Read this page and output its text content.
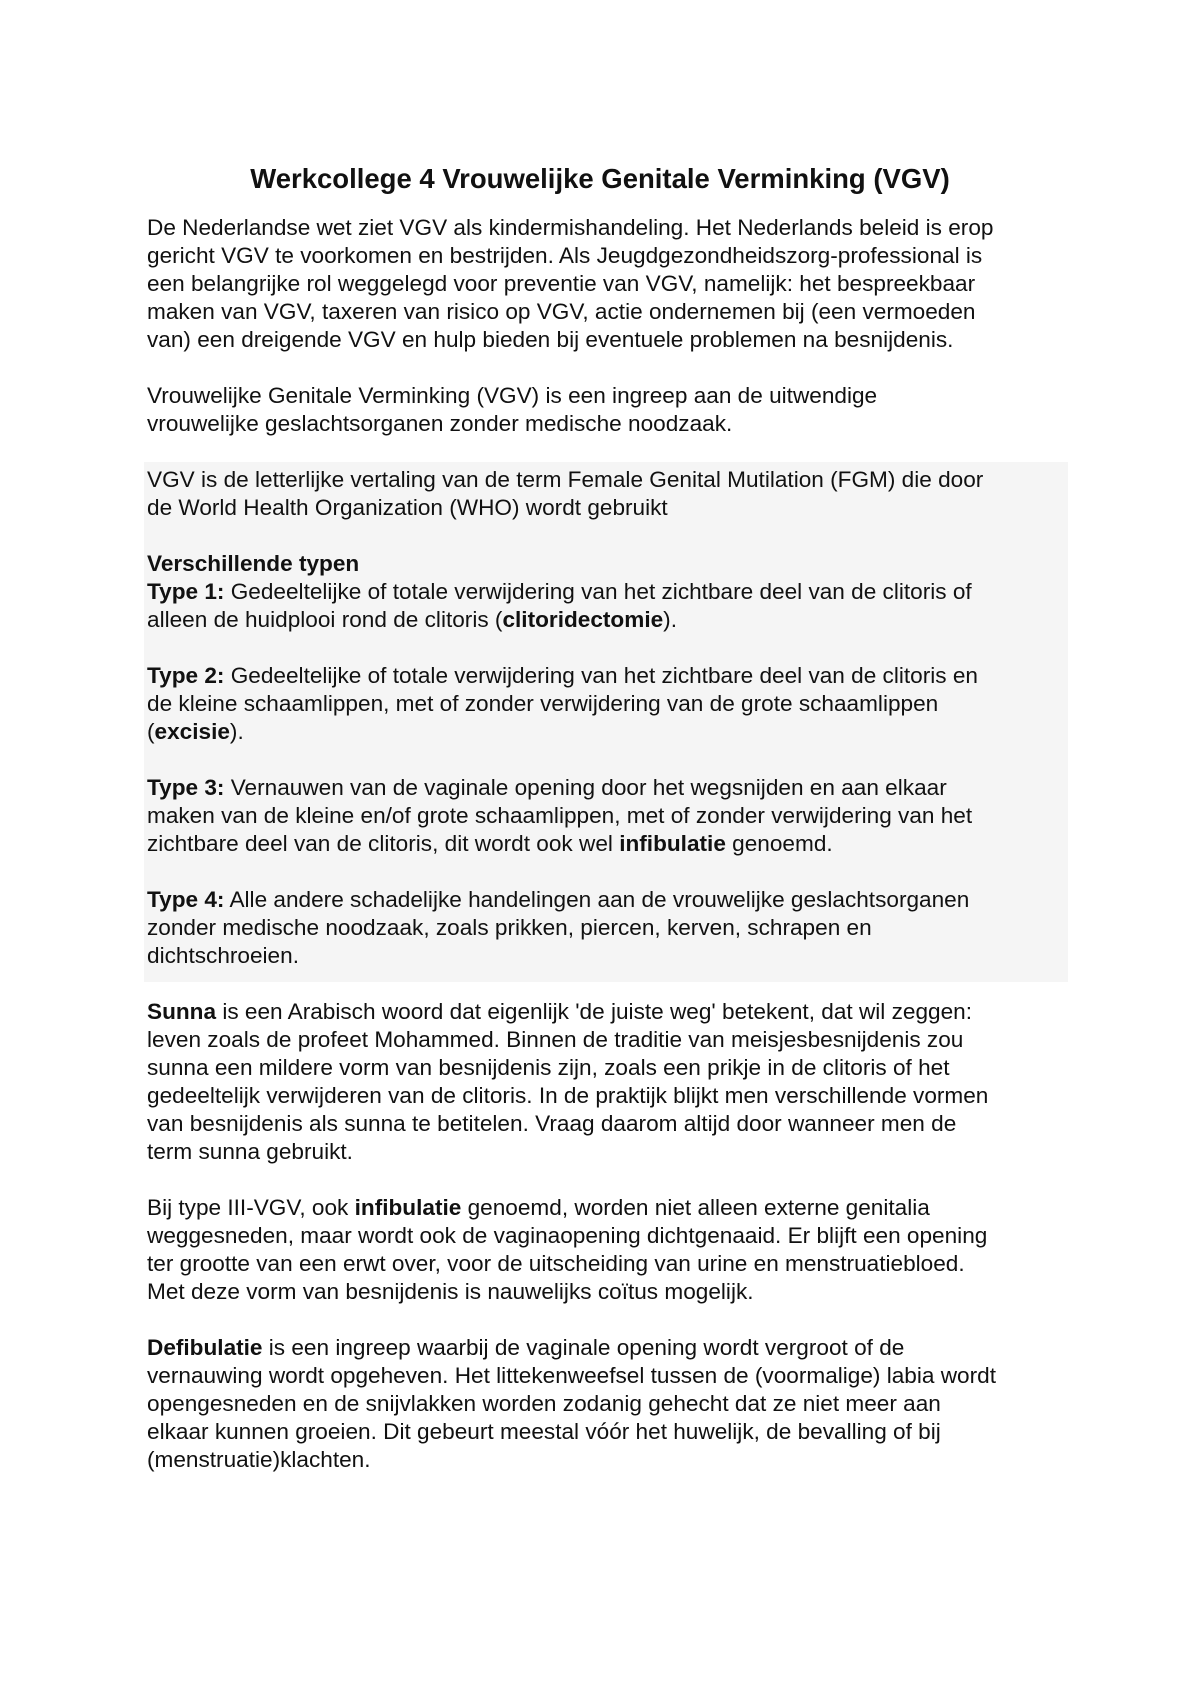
Werkcollege 4 Vrouwelijke Genitale Verminking (VGV)

De Nederlandse wet ziet VGV als kindermishandeling. Het Nederlands beleid is erop
gericht VGV te voorkomen en bestrijden. Als Jeugdgezondheidszorg-professional is
een belangrijke rol weggelegd voor preventie van VGV, namelijk: het bespreekbaar
maken van VGV, taxeren van risico op VGV, actie ondernemen bij (een vermoeden
van) een dreigende VGV en hulp bieden bij eventuele problemen na besnijdenis.

Vrouwelijke Genitale Verminking (VGV) is een ingreep aan de uitwendige
vrouwelijke geslachtsorganen zonder medische noodzaak.

VGV is de letterlijke vertaling van de term Female Genital Mutilation (FGM) die door
de World Health Organization (WHO) wordt gebruikt

Verschillende typen

Type 1: Gedeeltelijke of totale verwijdering van het zichtbare deel van de clitoris of
alleen de huidplooi rond de clitoris (clitoridectomie).

Type 2: Gedeeltelijke of totale verwijdering van het zichtbare deel van de clitoris en
de kleine schaamlippen, met of zonder verwijdering van de grote schaamlippen
(excisie).

Type 3: Vernauwen van de vaginale opening door het wegsnijden en aan elkaar
maken van de kleine en/of grote schaamlippen, met of zonder verwijdering van het
zichtbare deel van de clitoris, dit wordt ook wel infibulatie genoemd.

Type 4: Alle andere schadelijke handelingen aan de vrouwelijke geslachtsorganen
zonder medische noodzaak, zoals prikken, piercen, kerven, schrapen en
dichtschroeien.

Sunna is een Arabisch woord dat eigenlijk 'de juiste weg' betekent, dat wil zeggen:
leven zoals de profeet Mohammed. Binnen de traditie van meisjesbesnijdenis zou
sunna een mildere vorm van besnijdenis zijn, zoals een prikje in de clitoris of het
gedeeltelijk verwijderen van de clitoris. In de praktijk blijkt men verschillende vormen
van besnijdenis als sunna te betitelen. Vraag daarom altijd door wanneer men de
term sunna gebruikt.

Bij type III-VGV, ook infibulatie genoemd, worden niet alleen externe genitalia
weggesneden, maar wordt ook de vaginaopening dichtgenaaid. Er blijft een opening
ter grootte van een erwt over, voor de uitscheiding van urine en menstruatiebloed.
Met deze vorm van besnijdenis is nauwelijks coïtus mogelijk.

Defibulatie is een ingreep waarbij de vaginale opening wordt vergroot of de
vernauwing wordt opgeheven. Het littekenweefsel tussen de (voormalige) labia wordt
opengesneden en de snijvlakken worden zodanig gehecht dat ze niet meer aan
elkaar kunnen groeien. Dit gebeurt meestal vóór het huwelijk, de bevalling of bij
(menstruatie)klachten.
